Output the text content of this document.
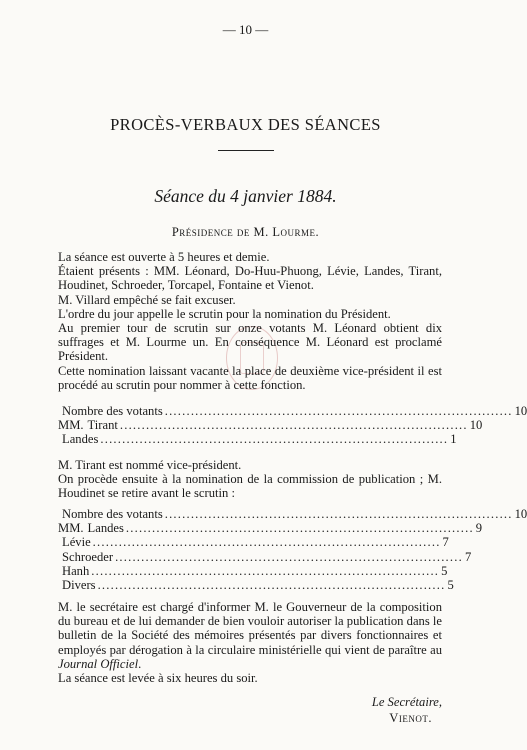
— 10 —
PROCÈS-VERBAUX DES SÉANCES
Séance du 4 janvier 1884.
Présidence de M. Lourme.

La séance est ouverte à 5 heures et demie.

Étaient présents : MM. Léonard, Do-Huu-Phuong, Lévie, Landes, Tirant, Houdinet, Schroeder, Torcapel, Fontaine et Vienot.

M. Villard empêché se fait excuser.

L'ordre du jour appelle le scrutin pour la nomination du Président.

Au premier tour de scrutin sur onze votants M. Léonard obtient dix suffrages et M. Lourme un. En conséquence M. Léonard est proclamé Président.

Cette nomination laissant vacante la place de deuxième vice-président il est procédé au scrutin pour nommer à cette fonction.

Nombre des votants ................................................................................ 10
MM. Tirant ................................................................................ 10
Landes ................................................................................ 1

M. Tirant est nommé vice-président.

On procède ensuite à la nomination de la commission de publication ; M. Houdinet se retire avant le scrutin :

Nombre des votants ................................................................................ 10
MM. Landes ................................................................................ 9
Lévie ................................................................................ 7
Schroeder ................................................................................ 7
Hanh ................................................................................ 5
Divers ................................................................................ 5

M. le secrétaire est chargé d'informer M. le Gouverneur de la composition du bureau et de lui demander de bien vouloir autoriser la publication dans le bulletin de la Société des mémoires présentés par divers fonctionnaires et employés par dérogation à la circulaire ministérielle qui vient de paraître au Journal Officiel.

La séance est levée à six heures du soir.

Le Secrétaire,
Vienot.
